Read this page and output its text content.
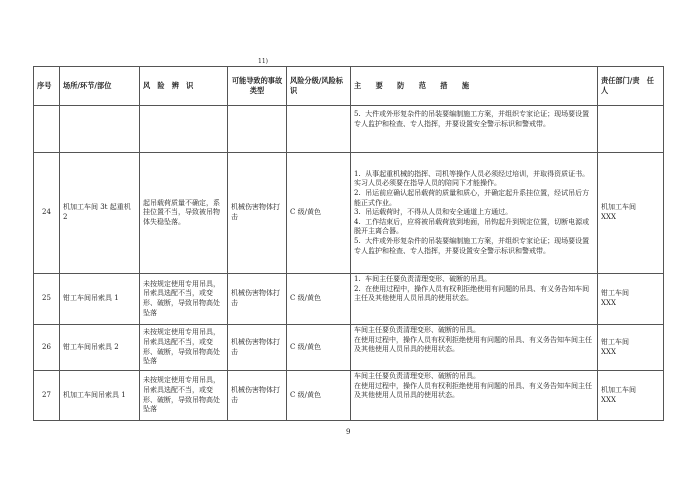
11)
序号	场所/环节/部位	风　险　辨　识	可能导致的事故类型	风险分级/风险标识	主　　要　　防　　范　　措　　施	责任部门/责　任　人

					5.  大件或外形复杂件的吊装要编制施工方案，并组织专家论证；现场要设置专人监护和检查、专人指挥，并要设置安全警示标识和警戒带。	

24	机加工车间 3t 起重机 2	起吊载荷质量不确定，系挂位置不当，导致被吊物体失稳坠落。	机械伤害物体打击	C 级/黄色	1.  从事起重机械的指挥、司机等操作人员必须经过培训，并取得资质证书。实习人员必须要在指导人员的陪同下才能操作。
2.  吊运前应确认起吊载荷的质量和质心，并确定起升系挂位置，经试吊后方能正式作业。
3.  吊运载荷时，不得从人员和安全通道上方通过。
4.  工作结束后，应将被吊载荷放到地面，吊钩起升到规定位置，切断电源或脱开主离合器。
5.  大件或外形复杂件的吊装要编制施工方案，并组织专家论证；现场要设置专人监护和检查、专人指挥，并要设置安全警示标识和警戒带。	机加工车间
XXX
25	钳工车间吊索具 1	未按规定使用专用吊具，吊索具选配不当，或变形、破断，导致吊物高处坠落	机械伤害物体打击	C 级/黄色	1.  车间主任要负责清理变形、破断的吊具。
2.  在使用过程中，操作人员有权利拒绝使用有问题的吊具、有义务告知车间主任及其他使用人员吊具的使用状态。	钳工车间
XXX
26	钳工车间吊索具 2	未按规定使用专用吊具，吊索具选配不当，或变形、破断，导致吊物高处坠落	机械伤害物体打击	C 级/黄色	车间主任要负责清理变形、破断的吊具。
在使用过程中，操作人员有权利拒绝使用有问题的吊具、有义务告知车间主任及其他使用人员吊具的使用状态。	钳工车间
XXX
27	机加工车间吊索具 1	未按规定使用专用吊具，吊索具选配不当，或变形、破断，导致吊物高处坠落	机械伤害物体打击	C 级/黄色	车间主任要负责清理变形、破断的吊具。
在使用过程中，操作人员有权利拒绝使用有问题的吊具、有义务告知车间主任及其他使用人员吊具的使用状态。	机加工车间
XXX
9
